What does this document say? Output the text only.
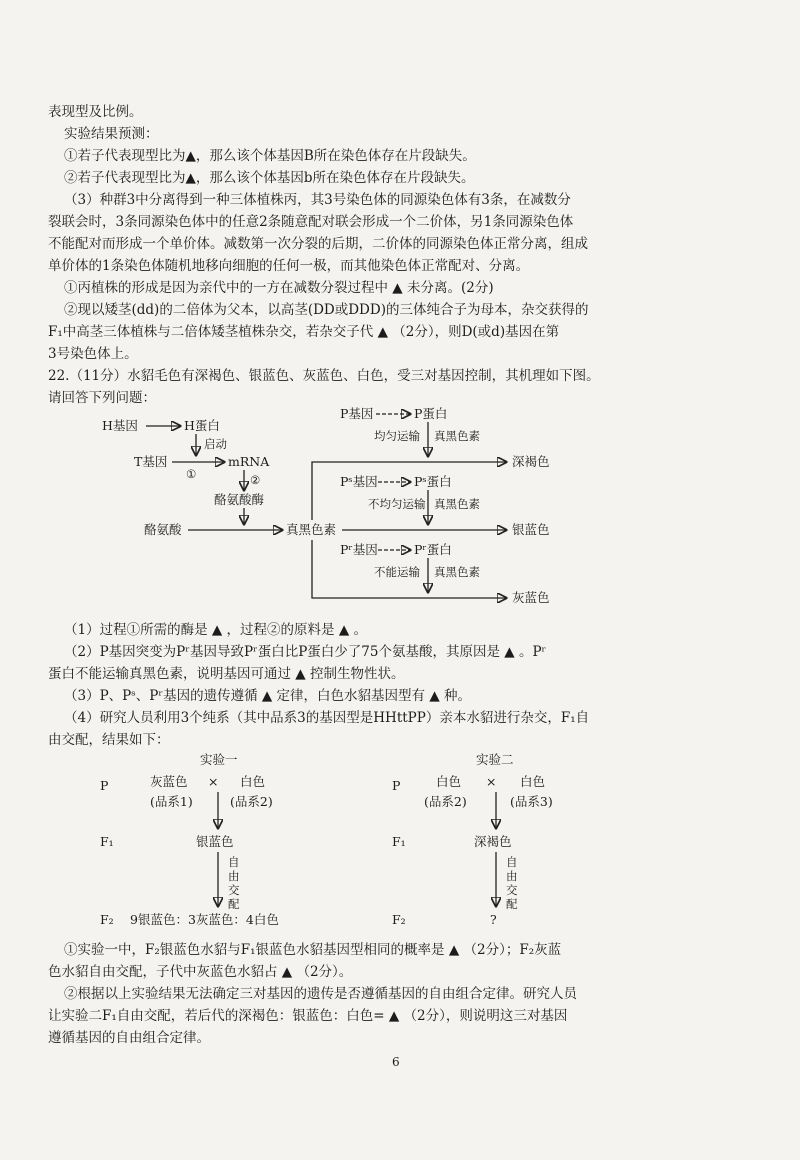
表现型及比例。
实验结果预测：
①若子代表现型比为▲，那么该个体基因B所在染色体存在片段缺失。
②若子代表现型比为▲，那么该个体基因b所在染色体存在片段缺失。
（3）种群3中分离得到一种三体植株丙，其3号染色体的同源染色体有3条，在减数分
裂联会时，3条同源染色体中的任意2条随意配对联会形成一个二价体，另1条同源染色体
不能配对而形成一个单价体。减数第一次分裂的后期，二价体的同源染色体正常分离，组成
单价体的1条染色体随机地移向细胞的任何一极，而其他染色体正常配对、分离。
①丙植株的形成是因为亲代中的一方在减数分裂过程中 ▲ 未分离。(2分)
②现以矮茎(dd)的二倍体为父本，以高茎(DD或DDD)的三体纯合子为母本，杂交获得的
F₁中高茎三体植株与二倍体矮茎植株杂交，若杂交子代 ▲ （2分），则D(或d)基因在第
3号染色体上。
22.（11分）水貂毛色有深褐色、银蓝色、灰蓝色、白色，受三对基因控制，其机理如下图。
请回答下列问题：
H基因	H蛋白
启动
T基因
①
mRNA
②
酪氨酸酶
酪氨酸	真黑色素
P基因	P蛋白
均匀运输 真黑色素
深褐色
Pˢ基因	Pˢ蛋白
不均匀运输 真黑色素
银蓝色
Pʳ基因	Pʳ蛋白
不能运输 真黑色素
灰蓝色
（1）过程①所需的酶是 ▲ ，过程②的原料是 ▲ 。
（2）P基因突变为Pʳ基因导致Pʳ蛋白比P蛋白少了75个氨基酸，其原因是 ▲ 。Pʳ
蛋白不能运输真黑色素，说明基因可通过 ▲ 控制生物性状。
（3）P、Pˢ、Pʳ基因的遗传遵循 ▲ 定律，白色水貂基因型有 ▲ 种。
（4）研究人员利用3个纯系（其中品系3的基因型是HHttPP）亲本水貂进行杂交，F₁自
由交配，结果如下：
实验一
P	灰蓝色 × 白色
(品系1)	(品系2)
F₁	银蓝色
自
由
交
配
F₂ 9银蓝色：3灰蓝色：4白色
实验二
P	白色 × 白色
(品系2)	(品系3)
F₁	深褐色
自
由
交
配
F₂	?
①实验一中，F₂银蓝色水貂与F₁银蓝色水貂基因型相同的概率是 ▲ （2分）；F₂灰蓝
色水貂自由交配，子代中灰蓝色水貂占 ▲ （2分）。
②根据以上实验结果无法确定三对基因的遗传是否遵循基因的自由组合定律。研究人员
让实验二F₁自由交配，若后代的深褐色：银蓝色：白色= ▲ （2分），则说明这三对基因
遵循基因的自由组合定律。
6
